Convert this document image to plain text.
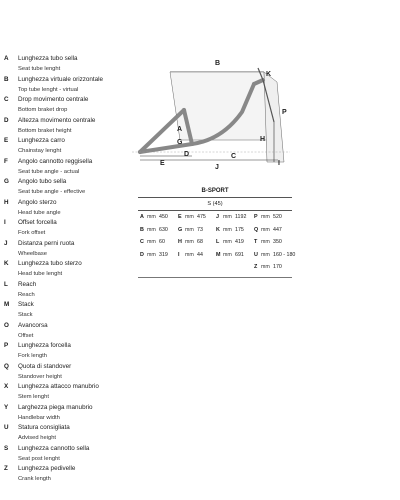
A	Lunghezza tubo sella
Seat tube lenght
B	Lunghezza virtuale orizzontale
Top tube lenght - virtual
C	Drop movimento centrale
Bottom braket drop
D	Altezza movimento centrale
Bottom braket height
E	Lunghezza carro
Chainstay lenght
F	Angolo cannotto reggisella
Seat tube angle - actual
G	Angolo tubo sella
Seat tube angle - effective
H	Angolo sterzo
Head tube angle
I	Offset forcella
Fork offset
J	Distanza perni ruota
Wheelbase
K	Lunghezza tubo sterzo
Head tube lenght
L	Reach
Reach
M	Stack
Stack
O	Avancorsa
Offset
P	Lunghezza forcella
Fork length
Q	Quota di standover
Standover height
X	Lunghezza attacco manubrio
Stem lenght
Y	Larghezza piega manubrio
Handlebar width
U	Statura consigliata
Advised height
S	Lunghezza cannotto sella
Seat post lenght
Z	Lunghezza pedivelle
Crank length
B
K
A
G
P
H
C
D
E
J
I
B-SPORT
S (45)
A mm 450
B mm 630
C mm 60
D mm 319
E mm 475
G mm 73
H mm 68
I mm 44
J mm 1192
K mm 175
L mm 419
M mm 691
P mm 520
Q mm 447
T mm 350
U mm 160 - 180
Z mm 170
